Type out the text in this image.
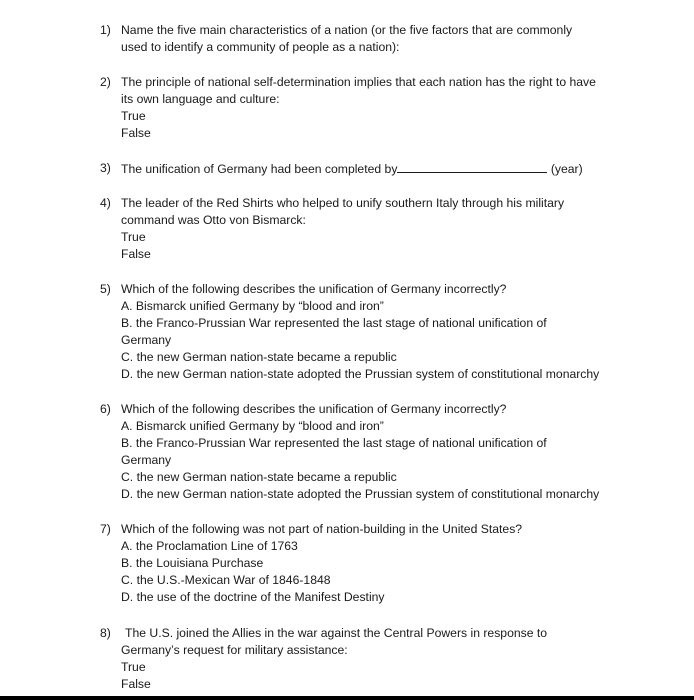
1) Name the five main characteristics of a nation (or the five factors that are commonly
used to identify a community of people as a nation):
2) The principle of national self-determination implies that each nation has the right to have
its own language and culture:
True
False
3) The unification of Germany had been completed by	(year)
4) The leader of the Red Shirts who helped to unify southern Italy through his military
command was Otto von Bismarck:
True
False
5) Which of the following describes the unification of Germany incorrectly?
A. Bismarck unified Germany by “blood and iron”
B. the Franco-Prussian War represented the last stage of national unification of
Germany
C. the new German nation-state became a republic
D. the new German nation-state adopted the Prussian system of constitutional monarchy
6) Which of the following describes the unification of Germany incorrectly?
A. Bismarck unified Germany by “blood and iron”
B. the Franco-Prussian War represented the last stage of national unification of
Germany
C. the new German nation-state became a republic
D. the new German nation-state adopted the Prussian system of constitutional monarchy
7) Which of the following was not part of nation-building in the United States?
A. the Proclamation Line of 1763
B. the Louisiana Purchase
C. the U.S.-Mexican War of 1846-1848
D. the use of the doctrine of the Manifest Destiny
8)	The U.S. joined the Allies in the war against the Central Powers in response to
Germany’s request for military assistance:
True
False
